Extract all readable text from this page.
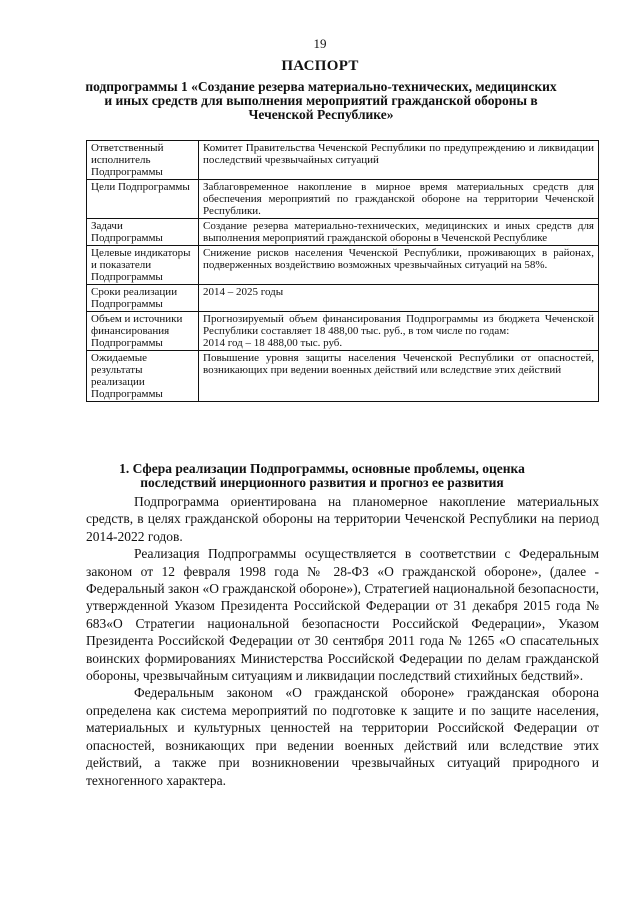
19
ПАСПОРТ
подпрограммы 1 «Создание резерва материально-технических, медицинских и иных средств для выполнения мероприятий гражданской обороны в Чеченской Республике»
Ответственный исполнитель Подпрограммы	Комитет Правительства Чеченской Республики по предупреждению и ликвидации последствий чрезвычайных ситуаций
Цели Подпрограммы	Заблаговременное накопление в мирное время материальных средств для обеспечения мероприятий по гражданской обороне на территории Чеченской Республики.
Задачи Подпрограммы	Создание резерва материально-технических, медицинских и иных средств для выполнения мероприятий гражданской обороны в Чеченской Республике
Целевые индикаторы и показатели Подпрограммы	Снижение рисков населения Чеченской Республики, проживающих в районах, подверженных воздействию возможных чрезвычайных ситуаций на 58%.
Сроки реализации Подпрограммы	2014 – 2025 годы
Объем и источники финансирования Подпрограммы	Прогнозируемый объем финансирования Подпрограммы из бюджета Чеченской Республики составляет 18 488,00 тыс. руб., в том числе по годам:
2014 год – 18 488,00 тыс. руб.

Ожидаемые результаты реализации Подпрограммы	Повышение уровня защиты населения Чеченской Республики от опасностей, возникающих при ведении военных действий или вследствие этих действий
1. Сфера реализации Подпрограммы, основные проблемы, оценка последствий инерционного развития и прогноз ее развития

Подпрограмма ориентирована на планомерное накопление материальных средств, в целях гражданской обороны на территории Чеченской Республики на период 2014-2022 годов.

Реализация Подпрограммы осуществляется в соответствии с Федеральным законом от 12 февраля 1998 года № 28-ФЗ «О гражданской обороне», (далее - Федеральный закон «О гражданской обороне»), Стратегией национальной безопасности, утвержденной Указом Президента Российской Федерации от 31 декабря 2015 года № 683«О Стратегии национальной безопасности Российской Федерации», Указом Президента Российской Федерации от 30 сентября 2011 года № 1265 «О спасательных воинских формированиях Министерства Российской Федерации по делам гражданской обороны, чрезвычайным ситуациям и ликвидации последствий стихийных бедствий».

Федеральным законом «О гражданской обороне» гражданская оборона определена как система мероприятий по подготовке к защите и по защите населения, материальных и культурных ценностей на территории Российской Федерации от опасностей, возникающих при ведении военных действий или вследствие этих действий, а также при возникновении чрезвычайных ситуаций природного и техногенного характера.
